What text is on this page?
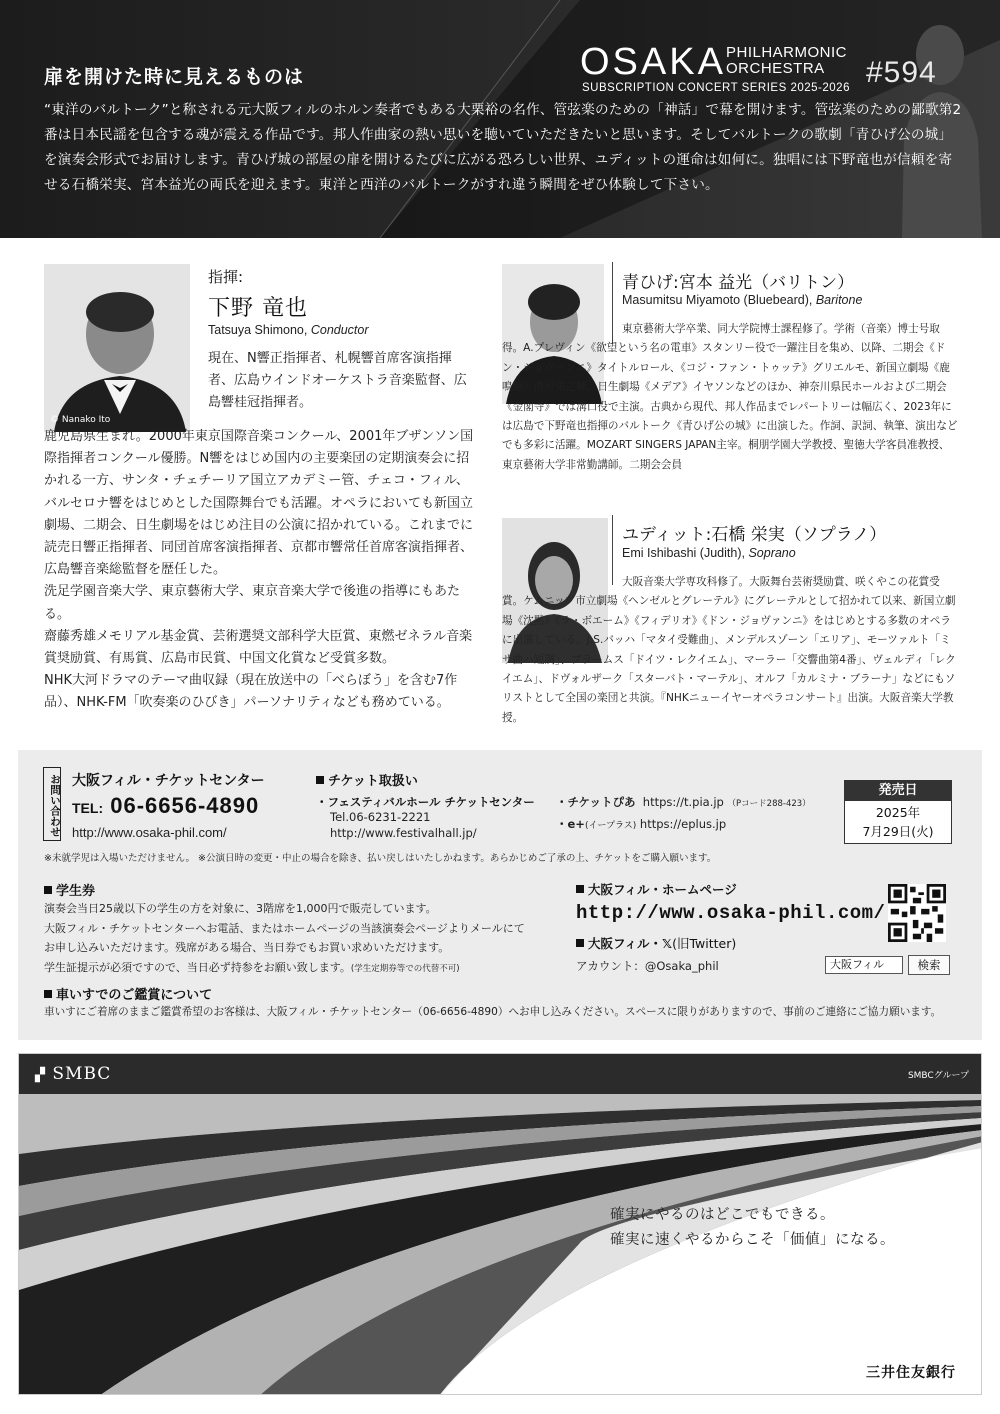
扉を開けた時に見えるものは	OSAKA PHILHARMONIC
ORCHESTRA
SUBSCRIPTION CONCERT SERIES 2025-2026 #594
“東洋のバルトーク”と称される元大阪フィルのホルン奏者でもある大栗裕の名作、管弦楽のための「神話」で幕を開けます。管弦楽のための鄙歌第2番は日本民謡を包含する魂が震える作品です。邦人作曲家の熱い思いを聴いていただきたいと思います。そしてバルトークの歌劇「青ひげ公の城」を演奏会形式でお届けします。青ひげ城の部屋の扉を開けるたびに広がる恐ろしい世界、ユディットの運命は如何に。独唱には下野竜也が信頼を寄せる石橋栄実、宮本益光の両氏を迎えます。東洋と西洋のバルトークがすれ違う瞬間をぜひ体験して下さい。
© Nanako Ito
指揮:
下野 竜也
Tatsuya Shimono, Conductor
現在、N響正指揮者、札幌響首席客演指揮者、広島ウインドオーケストラ音楽監督、広島響桂冠指揮者。
鹿児島県生まれ。2000年東京国際音楽コンクール、2001年ブザンソン国際指揮者コンクール優勝。N響をはじめ国内の主要楽団の定期演奏会に招かれる一方、サンタ・チェチーリア国立アカデミー管、チェコ・フィル、バルセロナ響をはじめとした国際舞台でも活躍。オペラにおいても新国立劇場、二期会、日生劇場をはじめ注目の公演に招かれている。これまでに読売日響正指揮者、同団首席客演指揮者、京都市響常任首席客演指揮者、広島響音楽総監督を歴任した。
洗足学園音楽大学、東京藝術大学、東京音楽大学で後進の指導にもあたる。
齋藤秀雄メモリアル基金賞、芸術選奨文部科学大臣賞、東燃ゼネラル音楽賞奨励賞、有馬賞、広島市民賞、中国文化賞など受賞多数。
NHK大河ドラマのテーマ曲収録（現在放送中の「べらぼう」を含む7作品）、NHK-FM「吹奏楽のひびき」パーソナリティなども務めている。
青ひげ:宮本 益光（バリトン）
Masumitsu Miyamoto (Bluebeard), Baritone
東京藝術大学卒業、同大学院博士課程修了。学術（音楽）博士号取得。A.プレヴィン《欲望という名の電車》スタンリー役で一躍注目を集め、以降、二期会《ドン・ジョヴァンニ》タイトルロール、《コジ・ファン・トゥッテ》グリエルモ、新国立劇場《鹿鳴館》清原栄之輔、日生劇場《メデア》イヤソンなどのほか、神奈川県民ホールおよび二期会《金閣寺》では溝口役で主演。古典から現代、邦人作品までレパートリーは幅広く、2023年には広島で下野竜也指揮のバルトーク《青ひげ公の城》に出演した。作詞、訳詞、執筆、演出などでも多彩に活躍。MOZART SINGERS JAPAN主宰。桐朋学園大学教授、聖徳大学客員准教授、東京藝術大学非常勤講師。二期会会員
ユディット:石橋 栄実（ソプラノ）
Emi Ishibashi (Judith), Soprano
大阪音楽大学専攻科修了。大阪舞台芸術奨励賞、咲くやこの花賞受賞。ケムニッツ市立劇場《ヘンゼルとグレーテル》にグレーテルとして招かれて以来、新国立劇場《沈黙》《ラ・ボエーム》《フィデリオ》《ドン・ジョヴァンニ》をはじめとする多数のオペラに出演している。J.S.バッハ「マタイ受難曲」、メンデルスゾーン「エリア」、モーツァルト「ミサ曲ハ短調」、ブラームス「ドイツ・レクイエム」、マーラー「交響曲第4番」、ヴェルディ「レクイエム」、ドヴォルザーク「スターバト・マーテル」、オルフ「カルミナ・ブラーナ」などにもソリストとして全国の楽団と共演。『NHKニューイヤーオペラコンサート』出演。大阪音楽大学教授。
お問い合わせ 大阪フィル・チケットセンター
TEL: 06-6656-4890
http://www.osaka-phil.com/
チケット取扱い
・フェスティバルホール チケットセンター
Tel.06-6231-2221
http://www.festivalhall.jp/
・チケットぴあ https://t.pia.jp （Pコード288-423）
・e+(イープラス) https://eplus.jp
発売日
2025年
7月29日(火)
※未就学児は入場いただけません。 ※公演日時の変更・中止の場合を除き、払い戻しはいたしかねます。あらかじめご了承の上、チケットをご購入願います。
学生券
演奏会当日25歳以下の学生の方を対象に、3階席を1,000円で販売しています。
大阪フィル・チケットセンターへお電話、またはホームページの当該演奏会ページよりメールにて
お申し込みいただけます。残席がある場合、当日券でもお買い求めいただけます。
学生証提示が必須ですので、当日必ず持参をお願い致します。(学生定期券等での代替不可)
大阪フィル・ホームページ
http://www.osaka-phil.com/
大阪フィル・𝕏(旧Twitter)
アカウント：@Osaka_phil	大阪フィル	検索
車いすでのご鑑賞について
車いすにご着席のままご鑑賞希望のお客様は、大阪フィル・チケットセンター（06-6656-4890）へお申し込みください。スペースに限りがありますので、事前のご連絡にご協力願います。
▞ SMBC	SMBCグループ
確実にやるのはどこでもできる。
確実に速くやるからこそ「価値」になる。
三井住友銀行
